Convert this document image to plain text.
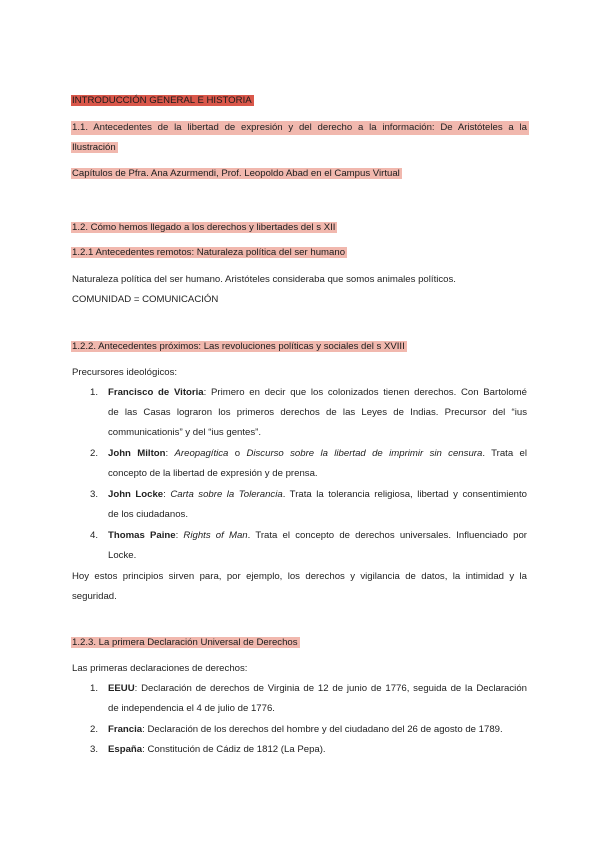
INTRODUCCIÓN GENERAL E HISTORIA
1.1. Antecedentes de la libertad de expresión y del derecho a la información: De Aristóteles a la
Ilustración
Capítulos de Pfra. Ana Azurmendi, Prof. Leopoldo Abad en el Campus Virtual
1.2. Cómo hemos llegado a los derechos y libertades del s XII
1.2.1 Antecedentes remotos: Naturaleza política del ser humano
Naturaleza política del ser humano. Aristóteles consideraba que somos animales políticos.
COMUNIDAD = COMUNICACIÓN
1.2.2. Antecedentes próximos: Las revoluciones políticas y sociales del s XVIII
Precursores ideológicos:
1. Francisco de Vitoria: Primero en decir que los colonizados tienen derechos. Con Bartolomé
de las Casas lograron los primeros derechos de las Leyes de Indias. Precursor del “ius
communicationis” y del “ius gentes”.
2. John Milton: Areopagítica o Discurso sobre la libertad de imprimir sin censura. Trata el
concepto de la libertad de expresión y de prensa.
3. John Locke: Carta sobre la Tolerancia. Trata la tolerancia religiosa, libertad y consentimiento
de los ciudadanos.
4. Thomas Paine: Rights of Man. Trata el concepto de derechos universales. Influenciado por
Locke.
Hoy estos principios sirven para, por ejemplo, los derechos y vigilancia de datos, la intimidad y la
seguridad.
1.2.3. La primera Declaración Universal de Derechos
Las primeras declaraciones de derechos:
1. EEUU: Declaración de derechos de Virginia de 12 de junio de 1776, seguida de la Declaración
de independencia el 4 de julio de 1776.
2. Francia: Declaración de los derechos del hombre y del ciudadano del 26 de agosto de 1789.
3. España: Constitución de Cádiz de 1812 (La Pepa).
